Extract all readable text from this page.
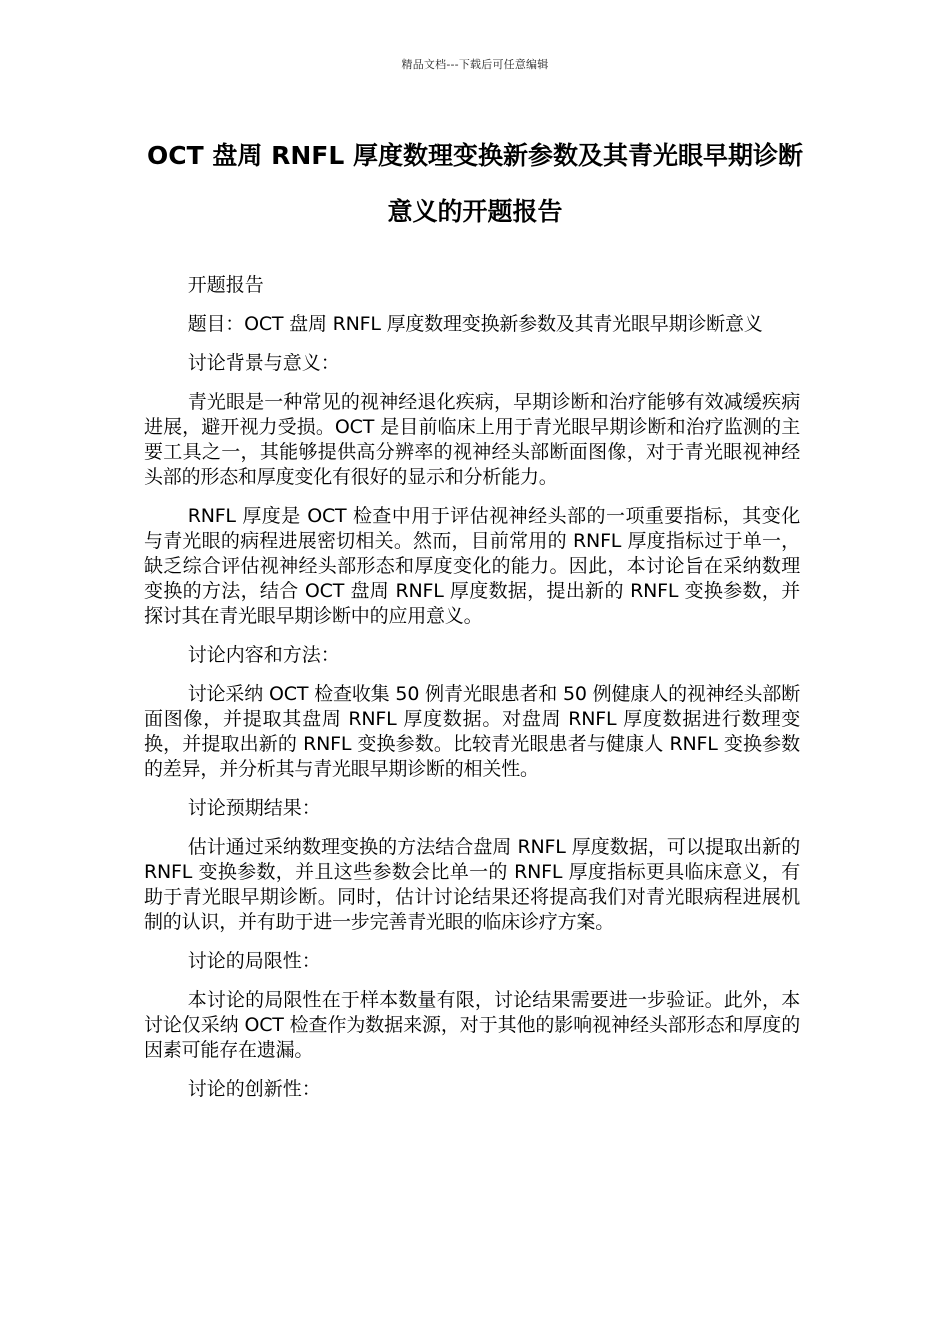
精品文档---下载后可任意编辑
OCT 盘周 RNFL 厚度数理变换新参数及其青光眼早期诊断意义的开题报告

开题报告

题目：OCT 盘周 RNFL 厚度数理变换新参数及其青光眼早期诊断意义

讨论背景与意义：

青光眼是一种常见的视神经退化疾病，早期诊断和治疗能够有效减缓疾病进展，避开视力受损。OCT 是目前临床上用于青光眼早期诊断和治疗监测的主要工具之一，其能够提供高分辨率的视神经头部断面图像，对于青光眼视神经头部的形态和厚度变化有很好的显示和分析能力。

RNFL 厚度是 OCT 检查中用于评估视神经头部的一项重要指标，其变化与青光眼的病程进展密切相关。然而，目前常用的 RNFL 厚度指标过于单一，缺乏综合评估视神经头部形态和厚度变化的能力。因此，本讨论旨在采纳数理变换的方法，结合 OCT 盘周 RNFL 厚度数据，提出新的 RNFL 变换参数，并探讨其在青光眼早期诊断中的应用意义。

讨论内容和方法：

讨论采纳 OCT 检查收集 50 例青光眼患者和 50 例健康人的视神经头部断面图像，并提取其盘周 RNFL 厚度数据。对盘周 RNFL 厚度数据进行数理变换，并提取出新的 RNFL 变换参数。比较青光眼患者与健康人 RNFL 变换参数的差异，并分析其与青光眼早期诊断的相关性。

讨论预期结果：

估计通过采纳数理变换的方法结合盘周 RNFL 厚度数据，可以提取出新的 RNFL 变换参数，并且这些参数会比单一的 RNFL 厚度指标更具临床意义，有助于青光眼早期诊断。同时，估计讨论结果还将提高我们对青光眼病程进展机制的认识，并有助于进一步完善青光眼的临床诊疗方案。

讨论的局限性：

本讨论的局限性在于样本数量有限，讨论结果需要进一步验证。此外，本讨论仅采纳 OCT 检查作为数据来源，对于其他的影响视神经头部形态和厚度的因素可能存在遗漏。

讨论的创新性：
